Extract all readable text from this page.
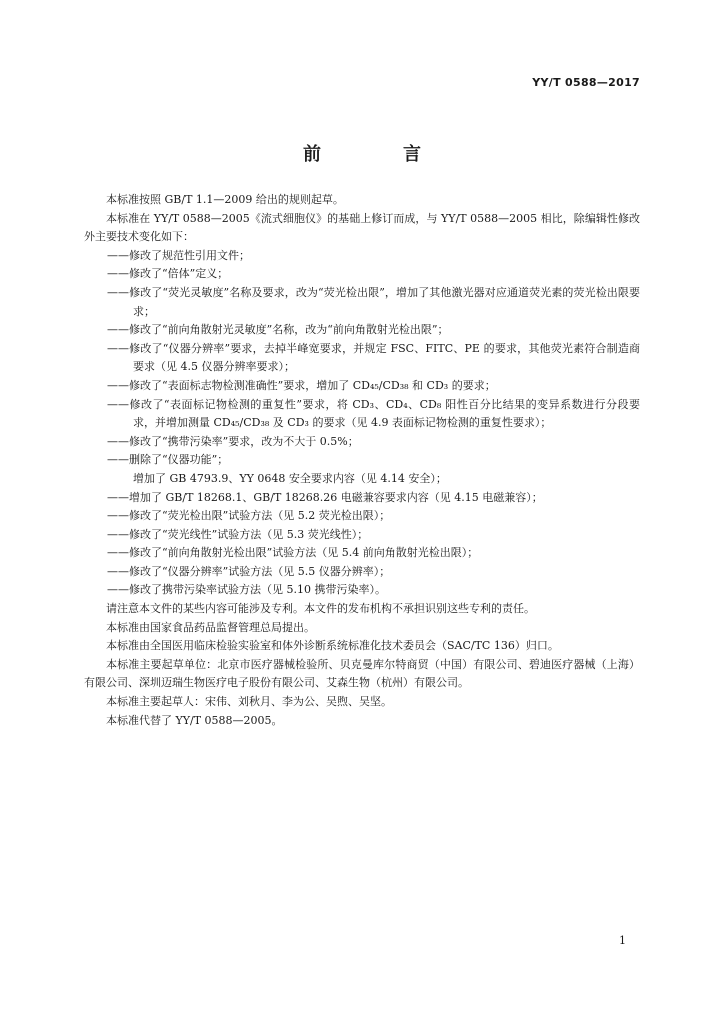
YY/T 0588—2017
前　言

本标准按照 GB/T 1.1—2009 给出的规则起草。

本标准在 YY/T 0588—2005《流式细胞仪》的基础上修订而成，与 YY/T 0588—2005 相比，除编辑性修改外主要技术变化如下：

——修改了规范性引用文件；

——修改了“倍体”定义；

——修改了“荧光灵敏度”名称及要求，改为“荧光检出限”，增加了其他激光器对应通道荧光素的荧光检出限要求；

——修改了“前向角散射光灵敏度”名称，改为“前向角散射光检出限”；

——修改了“仪器分辨率”要求，去掉半峰宽要求，并规定 FSC、FITC、PE 的要求，其他荧光素符合制造商要求（见 4.5 仪器分辨率要求）；

——修改了“表面标志物检测准确性”要求，增加了 CD₄₅/CD₃₈ 和 CD₃ 的要求；

——修改了“表面标记物检测的重复性”要求，将 CD₃、CD₄、CD₈ 阳性百分比结果的变异系数进行分段要求，并增加测量 CD₄₅/CD₃₈ 及 CD₃ 的要求（见 4.9 表面标记物检测的重复性要求）；

——修改了“携带污染率”要求，改为不大于 0.5%；

——删除了“仪器功能”；

增加了 GB 4793.9、YY 0648 安全要求内容（见 4.14 安全）；

——增加了 GB/T 18268.1、GB/T 18268.26 电磁兼容要求内容（见 4.15 电磁兼容）；

——修改了“荧光检出限”试验方法（见 5.2 荧光检出限）；

——修改了“荧光线性”试验方法（见 5.3 荧光线性）；

——修改了“前向角散射光检出限”试验方法（见 5.4 前向角散射光检出限）；

——修改了“仪器分辨率”试验方法（见 5.5 仪器分辨率）；

——修改了携带污染率试验方法（见 5.10 携带污染率）。

请注意本文件的某些内容可能涉及专利。本文件的发布机构不承担识别这些专利的责任。

本标准由国家食品药品监督管理总局提出。

本标准由全国医用临床检验实验室和体外诊断系统标准化技术委员会（SAC/TC 136）归口。

本标准主要起草单位：北京市医疗器械检验所、贝克曼库尔特商贸（中国）有限公司、碧迪医疗器械（上海）有限公司、深圳迈瑞生物医疗电子股份有限公司、艾森生物（杭州）有限公司。

本标准主要起草人：宋伟、刘秋月、李为公、吴煦、吴坚。

本标准代替了 YY/T 0588—2005。

1
